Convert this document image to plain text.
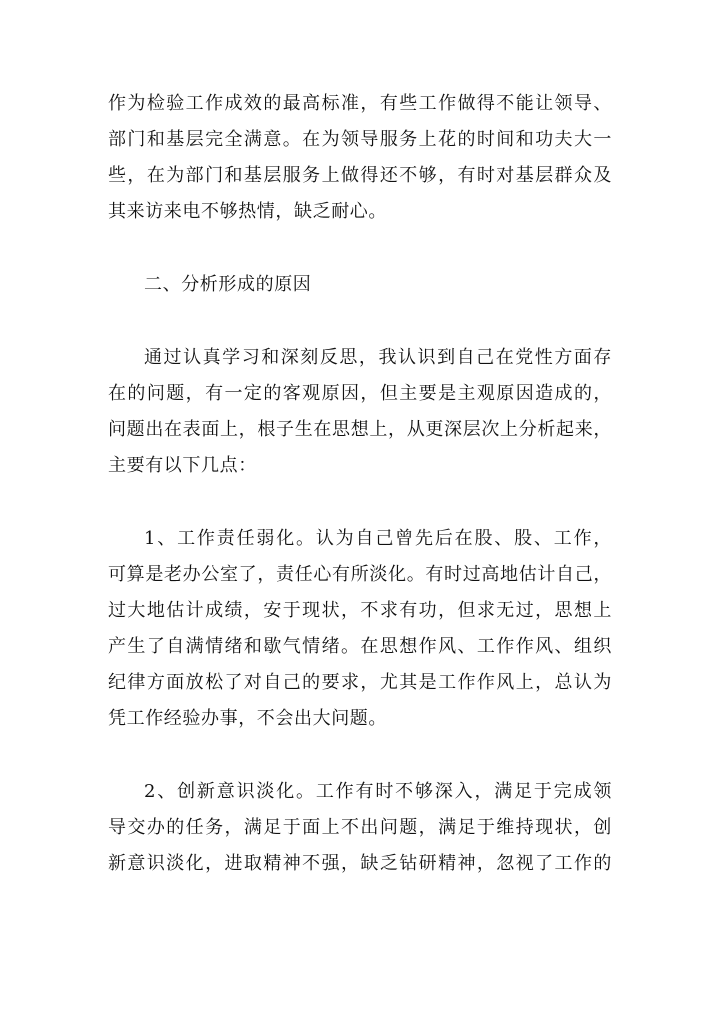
作为检验工作成效的最高标准，有些工作做得不能让领导、
部门和基层完全满意。在为领导服务上花的时间和功夫大一
些，在为部门和基层服务上做得还不够，有时对基层群众及
其来访来电不够热情，缺乏耐心。
二、分析形成的原因
通过认真学习和深刻反思，我认识到自己在党性方面存
在的问题，有一定的客观原因，但主要是主观原因造成的，
问题出在表面上，根子生在思想上，从更深层次上分析起来，
主要有以下几点：
1、工作责任弱化。认为自己曾先后在股、股、工作，
可算是老办公室了，责任心有所淡化。有时过高地估计自己，
过大地估计成绩，安于现状，不求有功，但求无过，思想上
产生了自满情绪和歇气情绪。在思想作风、工作作风、组织
纪律方面放松了对自己的要求，尤其是工作作风上，总认为
凭工作经验办事，不会出大问题。
2、创新意识淡化。工作有时不够深入，满足于完成领
导交办的任务，满足于面上不出问题，满足于维持现状，创
新意识淡化，进取精神不强，缺乏钻研精神，忽视了工作的
